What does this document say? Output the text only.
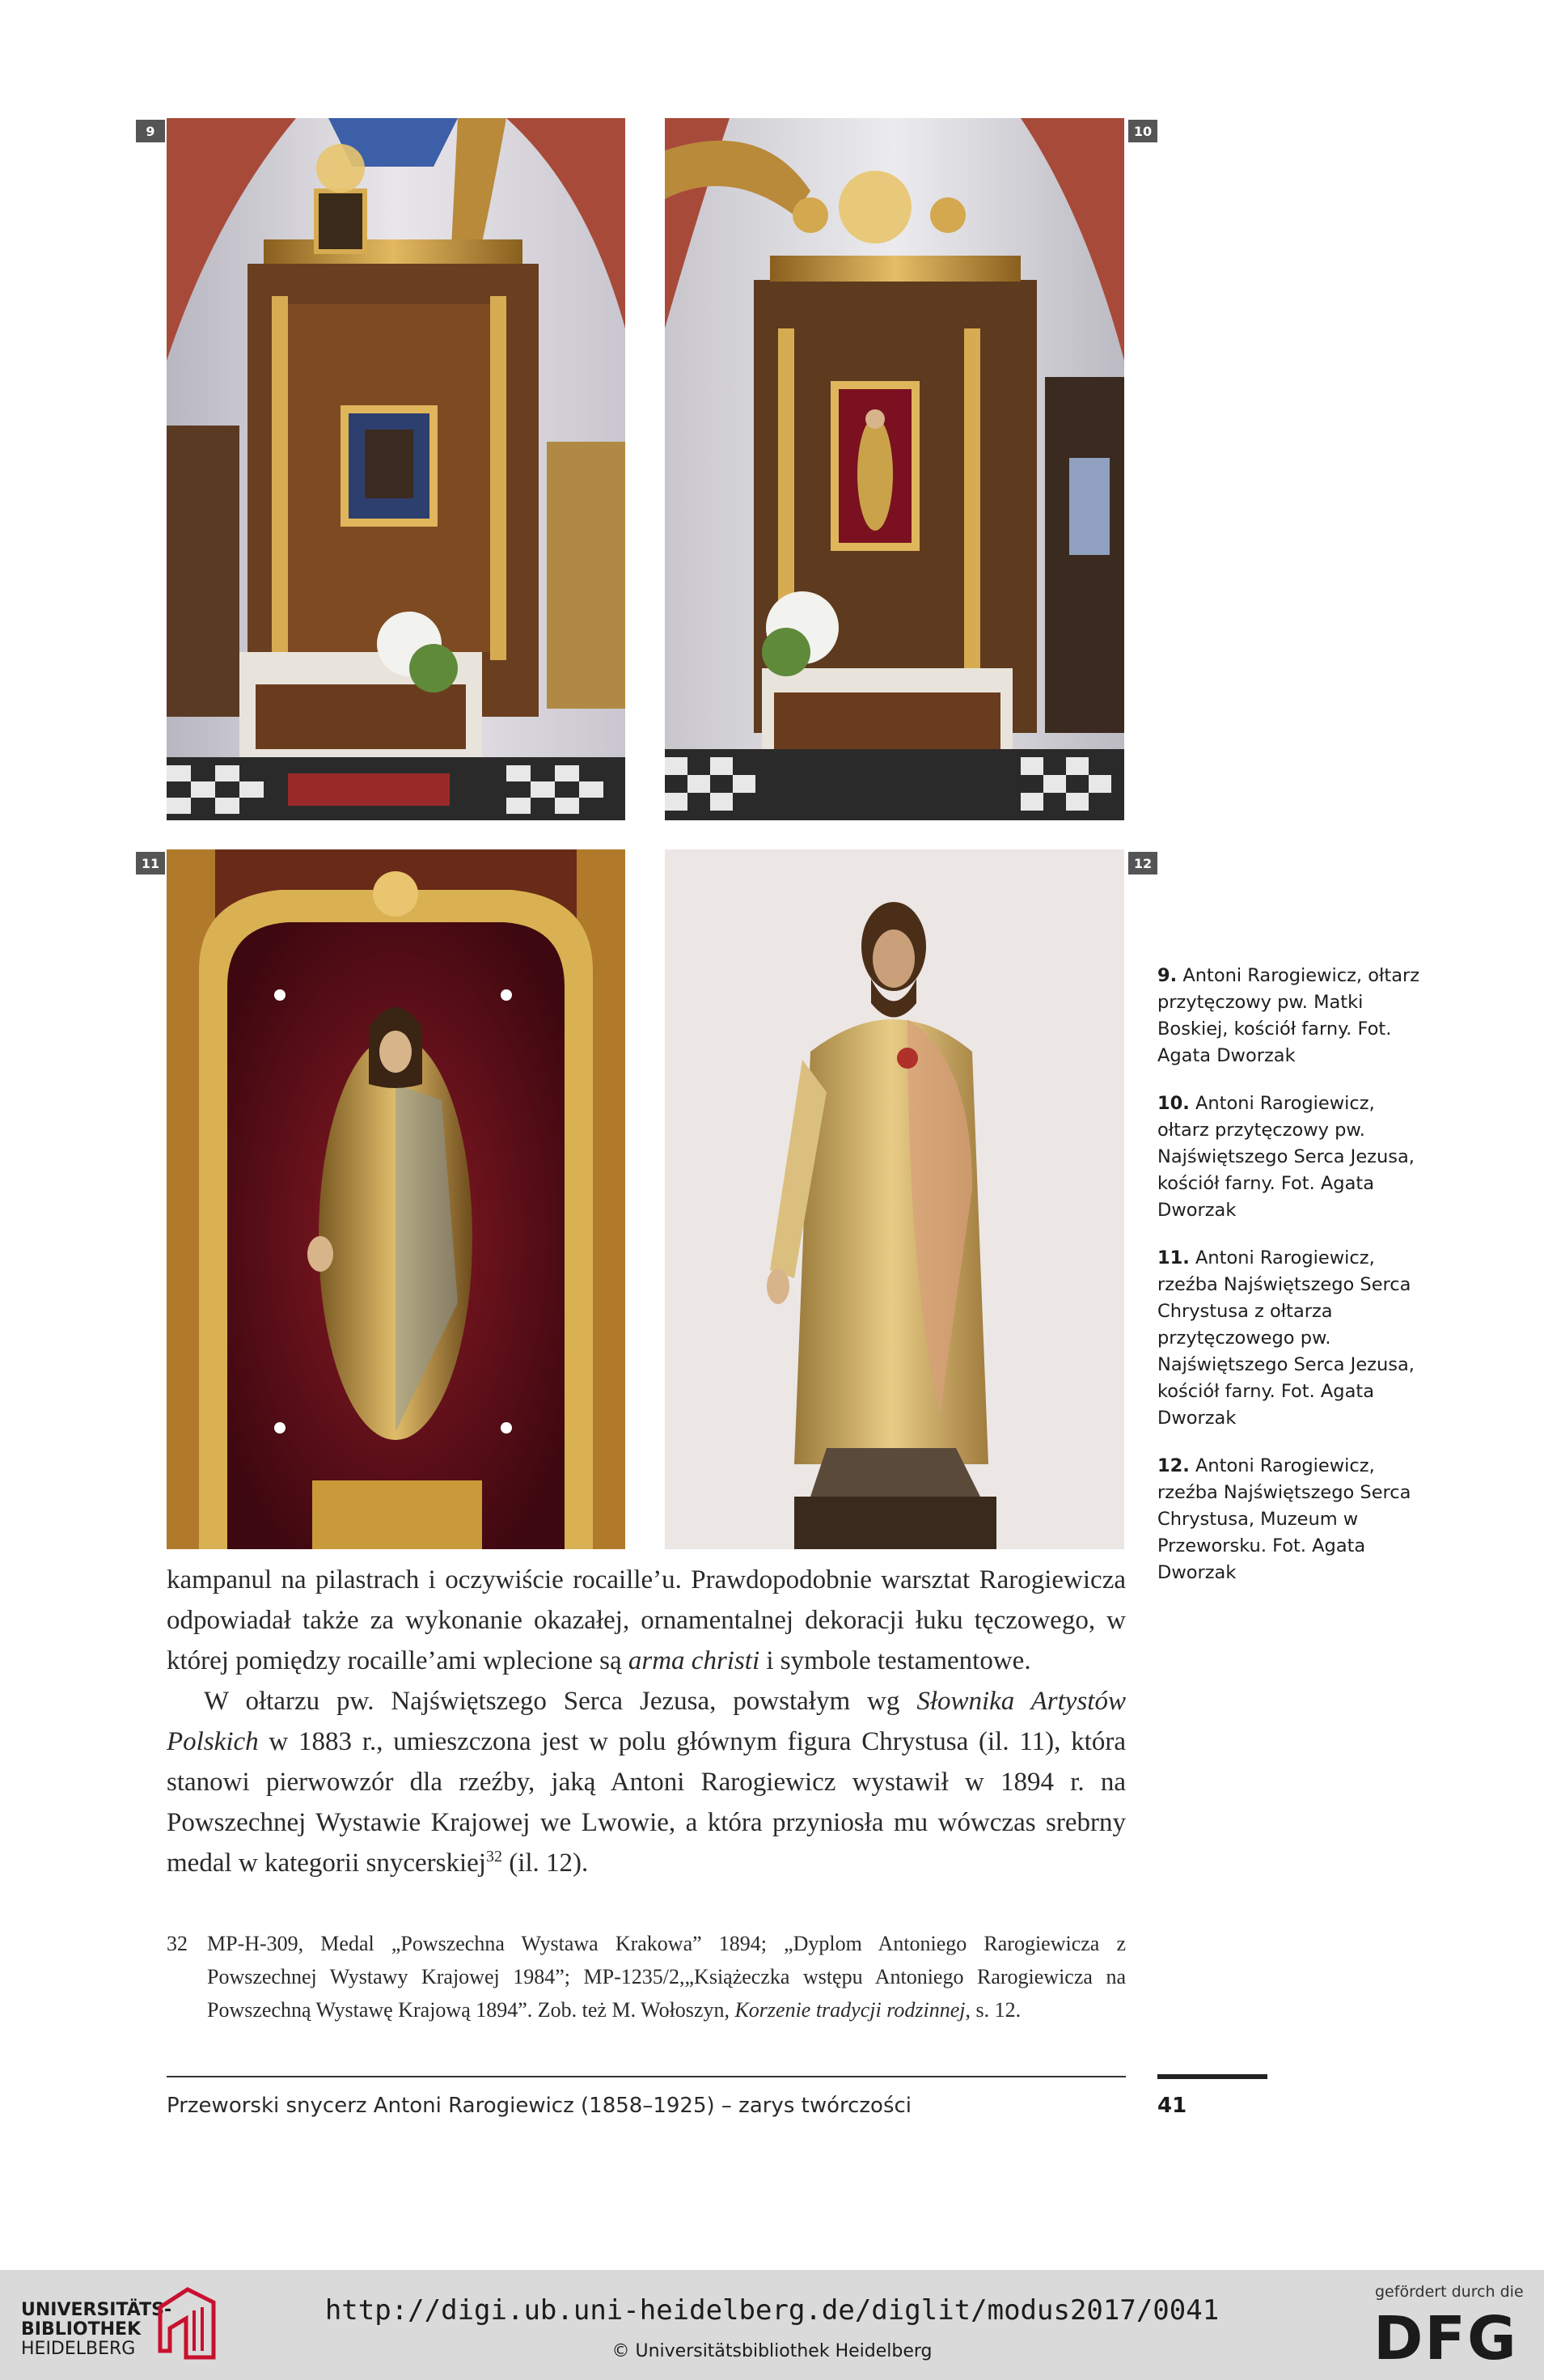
9	10
11	12

9. Antoni Rarogiewicz, ołtarz przytęczowy pw. Matki Boskiej, kościół farny. Fot. Agata Dworzak

10. Antoni Rarogiewicz, ołtarz przytęczowy pw. Najświętszego Serca Jezusa, kościół farny. Fot. Agata Dworzak

11. Antoni Rarogiewicz, rzeźba Najświętszego Serca Chrystusa z ołtarza przytęczowego pw. Najświętszego Serca Jezusa, kościół farny. Fot. Agata Dworzak

12. Antoni Rarogiewicz, rzeźba Najświętszego Serca Chrystusa, Muzeum w Przeworsku. Fot. Agata Dworzak

kampanul na pilastrach i oczywiście rocaille’u. Prawdopodobnie warsztat Rarogiewicza odpowiadał także za wykonanie okazałej, ornamentalnej dekoracji łuku tęczowego, w której pomiędzy rocaille’ami wplecione są arma christi i symbole testamentowe.

W ołtarzu pw. Najświętszego Serca Jezusa, powstałym wg Słownika Artystów Polskich w 1883 r., umieszczona jest w polu głównym figura Chrystusa (il. 11), która stanowi pierwowzór dla rzeźby, jaką Antoni Rarogiewicz wystawił w 1894 r. na Powszechnej Wystawie Krajowej we Lwowie, a która przyniosła mu wówczas srebrny medal w kategorii snycerskiej$^{32}$ (il. 12).

32 MP-H-309, Medal „Powszechna Wystawa Krakowa” 1894; „Dyplom Antoniego Rarogiewicza z Powszechnej Wystawy Krajowej 1984”; MP-1235/2,„Książeczka wstępu Antoniego Rarogiewicza na Powszechną Wystawę Krajową 1894”. Zob. też M. Wołoszyn, Korzenie tradycji rodzinnej, s. 12.
Przeworski snycerz Antoni Rarogiewicz (1858–1925) – zarys twórczości	41
UNIVERSITÄTS-
BIBLIOTHEK
HEIDELBERG
http://digi.ub.uni-heidelberg.de/diglit/modus2017/0041
© Universitätsbibliothek Heidelberg
gefördert durch die
DFG
